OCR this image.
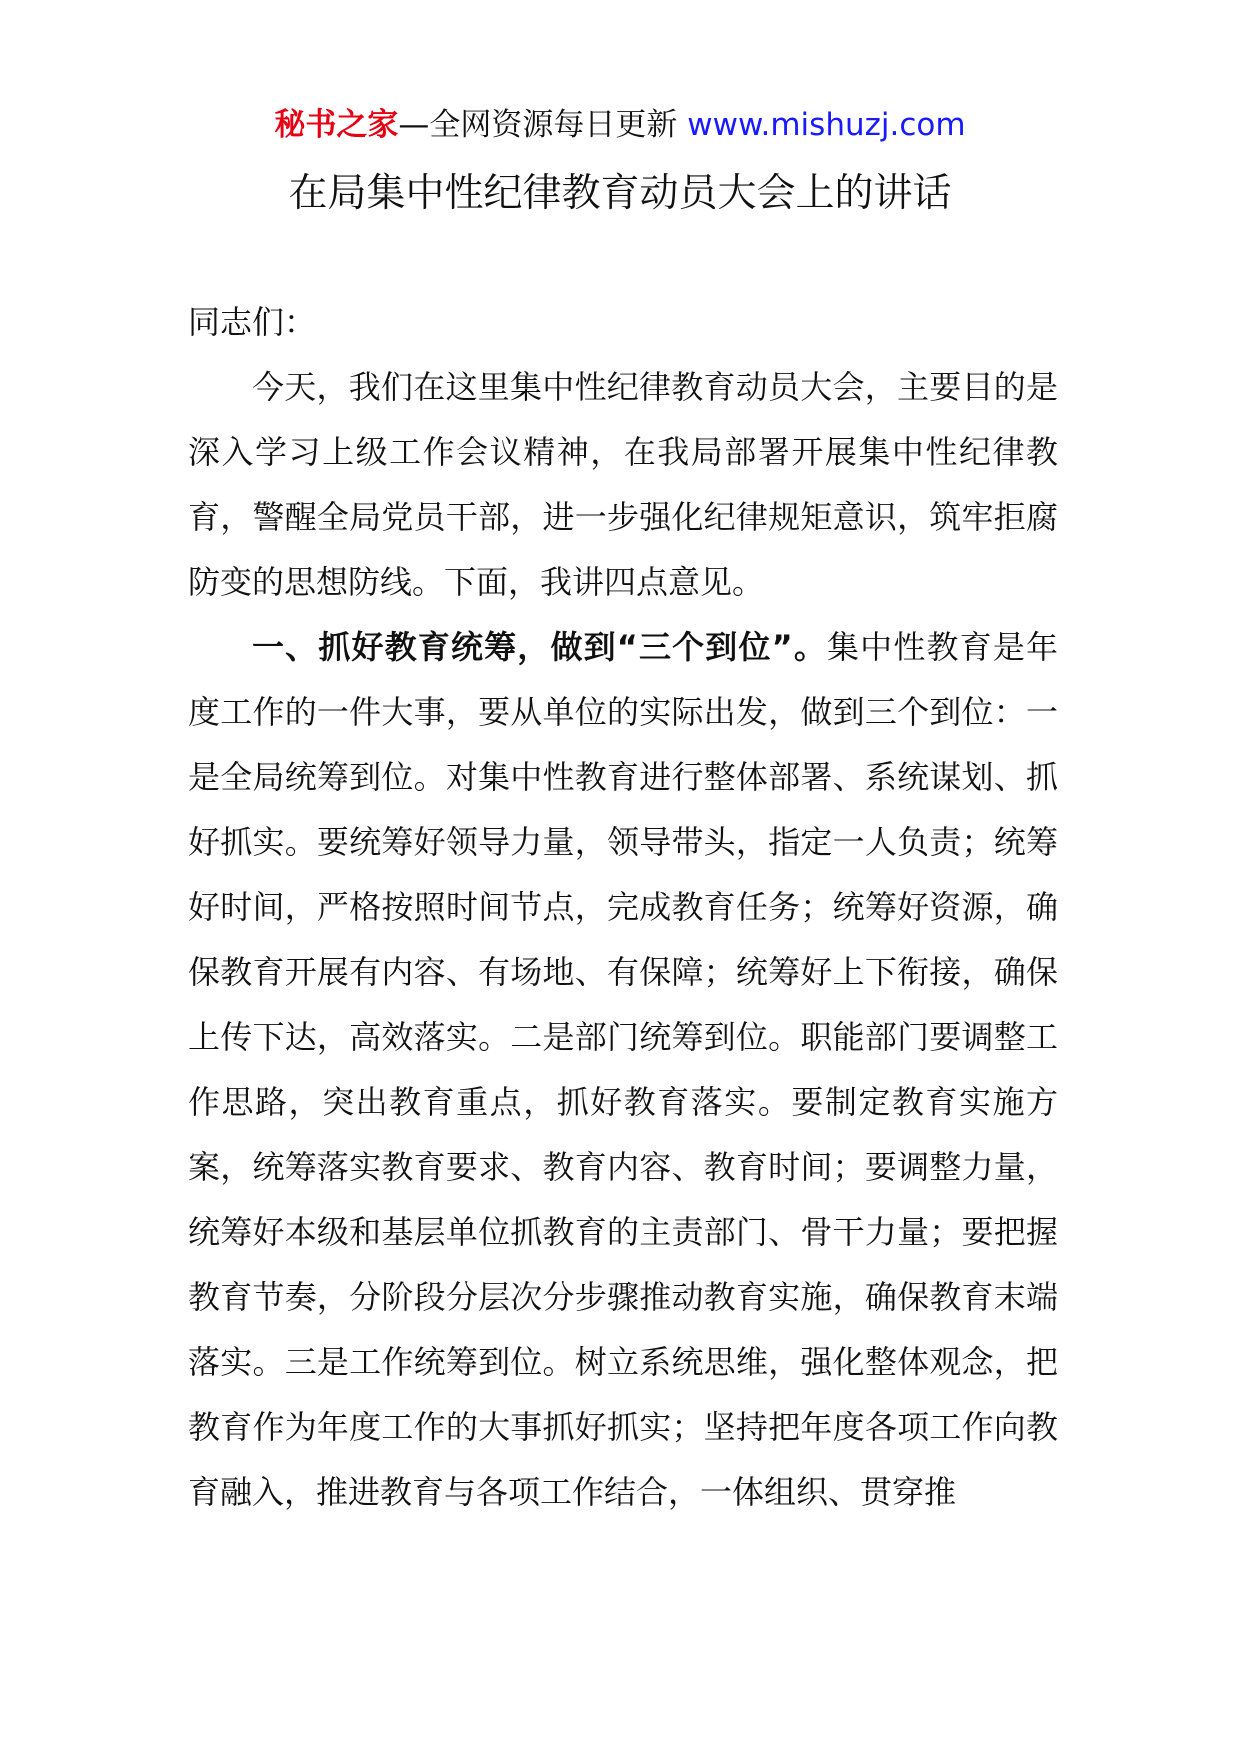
秘书之家—全网资源每日更新 www.mishuzj.com
在局集中性纪律教育动员大会上的讲话

同志们：

今天，我们在这里集中性纪律教育动员大会，主要目的是深入学习上级工作会议精神，在我局部署开展集中性纪律教育，警醒全局党员干部，进一步强化纪律规矩意识，筑牢拒腐防变的思想防线。下面，我讲四点意见。

一、抓好教育统筹，做到“三个到位”。集中性教育是年度工作的一件大事，要从单位的实际出发，做到三个到位：一是全局统筹到位。对集中性教育进行整体部署、系统谋划、抓好抓实。要统筹好领导力量，领导带头，指定一人负责；统筹好时间，严格按照时间节点，完成教育任务；统筹好资源，确保教育开展有内容、有场地、有保障；统筹好上下衔接，确保上传下达，高效落实。二是部门统筹到位。职能部门要调整工作思路，突出教育重点，抓好教育落实。要制定教育实施方案，统筹落实教育要求、教育内容、教育时间；要调整力量，统筹好本级和基层单位抓教育的主责部门、骨干力量；要把握教育节奏，分阶段分层次分步骤推动教育实施，确保教育末端落实。三是工作统筹到位。树立系统思维，强化整体观念，把教育作为年度工作的大事抓好抓实；坚持把年度各项工作向教育融入，推进教育与各项工作结合，一体组织、贯穿推
